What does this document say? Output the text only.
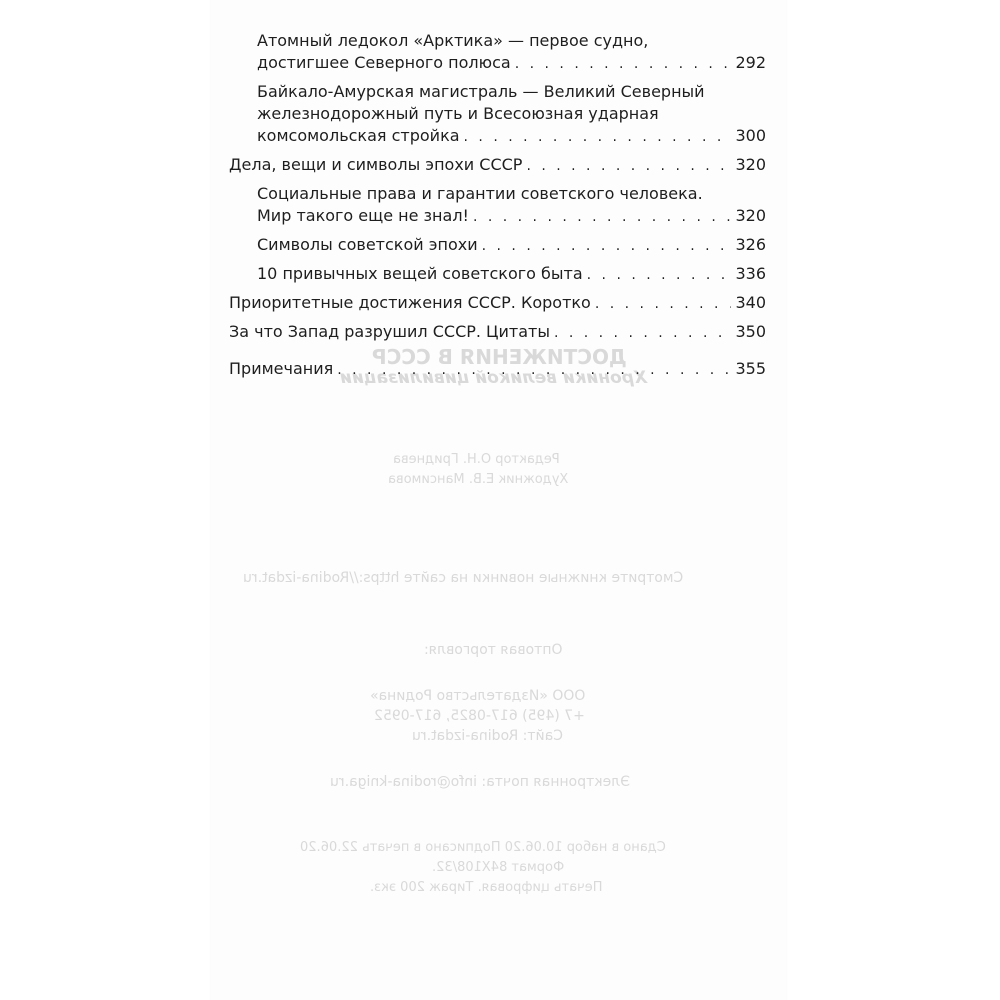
ДОСТИЖЕНИЯ В СССР
Хроники великой цивилизации
Редактор О.Н. Гриднева
Художник Е.В. Мансимова
Смотрите книжные новинки на сайте https://Rodina-izdat.ru
Оптовая торговля:
ООО «Издательство Родина»
+7 (495) 617-0825, 617-0952
Сайт: Rodina-izdat.ru
Электронная почта: info@rodina-kniga.ru
Сдано в набор 10.06.20 Подписано в печать 22.06.20
Формат 84Х108/32.
Печать цифровая. Тираж 200 экз.
Атомный ледокол «Арктика» — первое судно,
достигшее Северного полюса . . .	292
Байкало-Амурская магистраль — Великий Северный
железнодорожный путь и Всесоюзная ударная
комсомольская стройка . . .	300
Дела, вещи и символы эпохи СССР . . .	320
Социальные права и гарантии советского человека.
Мир такого еще не знал! . . .	320
Символы советской эпохи . . .	326
10 привычных вещей советского быта . . .	336
Приоритетные достижения СССР. Коротко . . .	340
За что Запад разрушил СССР. Цитаты . . .	350
Примечания . . .	355
